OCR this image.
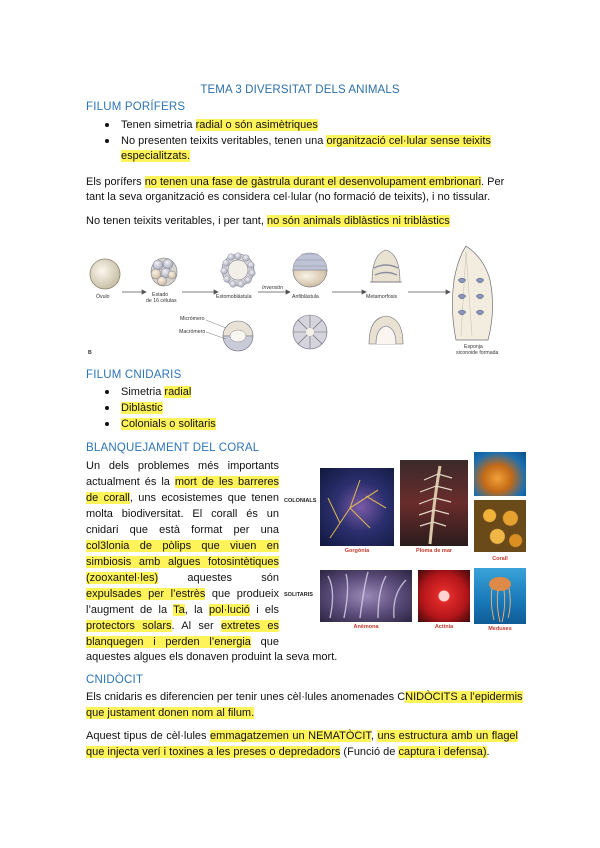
TEMA 3 DIVERSITAT DELS ANIMALS
FILUM PORÍFERS
Tenen simetria radial o són asimètriques
No presenten teixits veritables, tenen una organització cel·lular sense teixits
especialitzats.
Els porífers no tenen una fase de gàstrula durant el desenvolupament embrionari. Per
tant la seva organització es considera cel·lular (no formació de teixits), i no tissular.
No tenen teixits veritables, i per tant, no són animals diblàstics ni triblàstics
Óvulo	Estado
de 16 células
Estomoblástula
Inversión
Anfiblástula	Metamorfosis
Esponja
siconoide formada
Micrómero
Macrómero
B
FILUM CNIDARIS
Simetria radial
Diblàstic
Colonials o solitaris
BLANQUEJAMENT DEL CORAL
Un dels problemes més importants
actualment és la mort de les barreres
de corall, uns ecosistemes que tenen
molta biodiversitat. El corall és un
cnidari que està format per una
col3lonia de pòlips que viuen en
simbiosis amb algues fotosintètiques
(zooxantel·les) aquestes són
expulsades per l’estrès que produeix
l’augment de la Ta, la pol·lució i els
protectors solars. Al ser extretes es
blanquegen i perden l’energia que
aquestes algues els donaven produint la seva mort.
COLONIALS
SOLITARIS
Gorgònia	Ploma de mar
Corall
Anèmona	Actínia	Meduses
CNIDÒCIT
Els cnidaris es diferencien per tenir unes cèl·lules anomenades CNIDÒCITS a l’epidermis
que justament donen nom al filum.
Aquest tipus de cèl·lules emmagatzemen un NEMATÒCIT, uns estructura amb un flagel que injecta verí i toxines a les preses o depredadors (Funció de captura i defensa).
